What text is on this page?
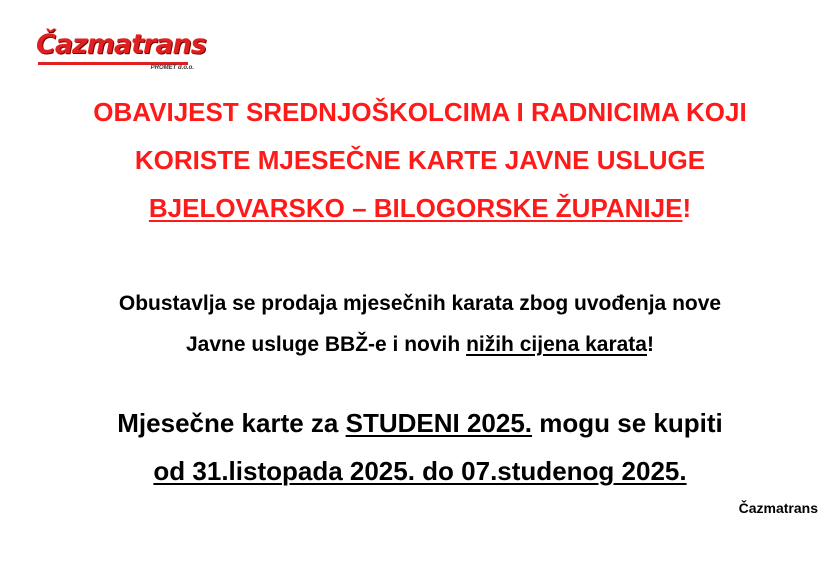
Čazmatrans
PROMET d.o.o.
OBAVIJEST SREDNJOŠKOLCIMA I RADNICIMA KOJI
KORISTE MJESEČNE KARTE JAVNE USLUGE
BJELOVARSKO – BILOGORSKE ŽUPANIJE!
Obustavlja se prodaja mjesečnih karata zbog uvođenja nove
Javne usluge BBŽ-e i novih nižih cijena karata!
Mjesečne karte za STUDENI 2025. mogu se kupiti
od 31.listopada 2025. do 07.studenog 2025.
Čazmatrans
